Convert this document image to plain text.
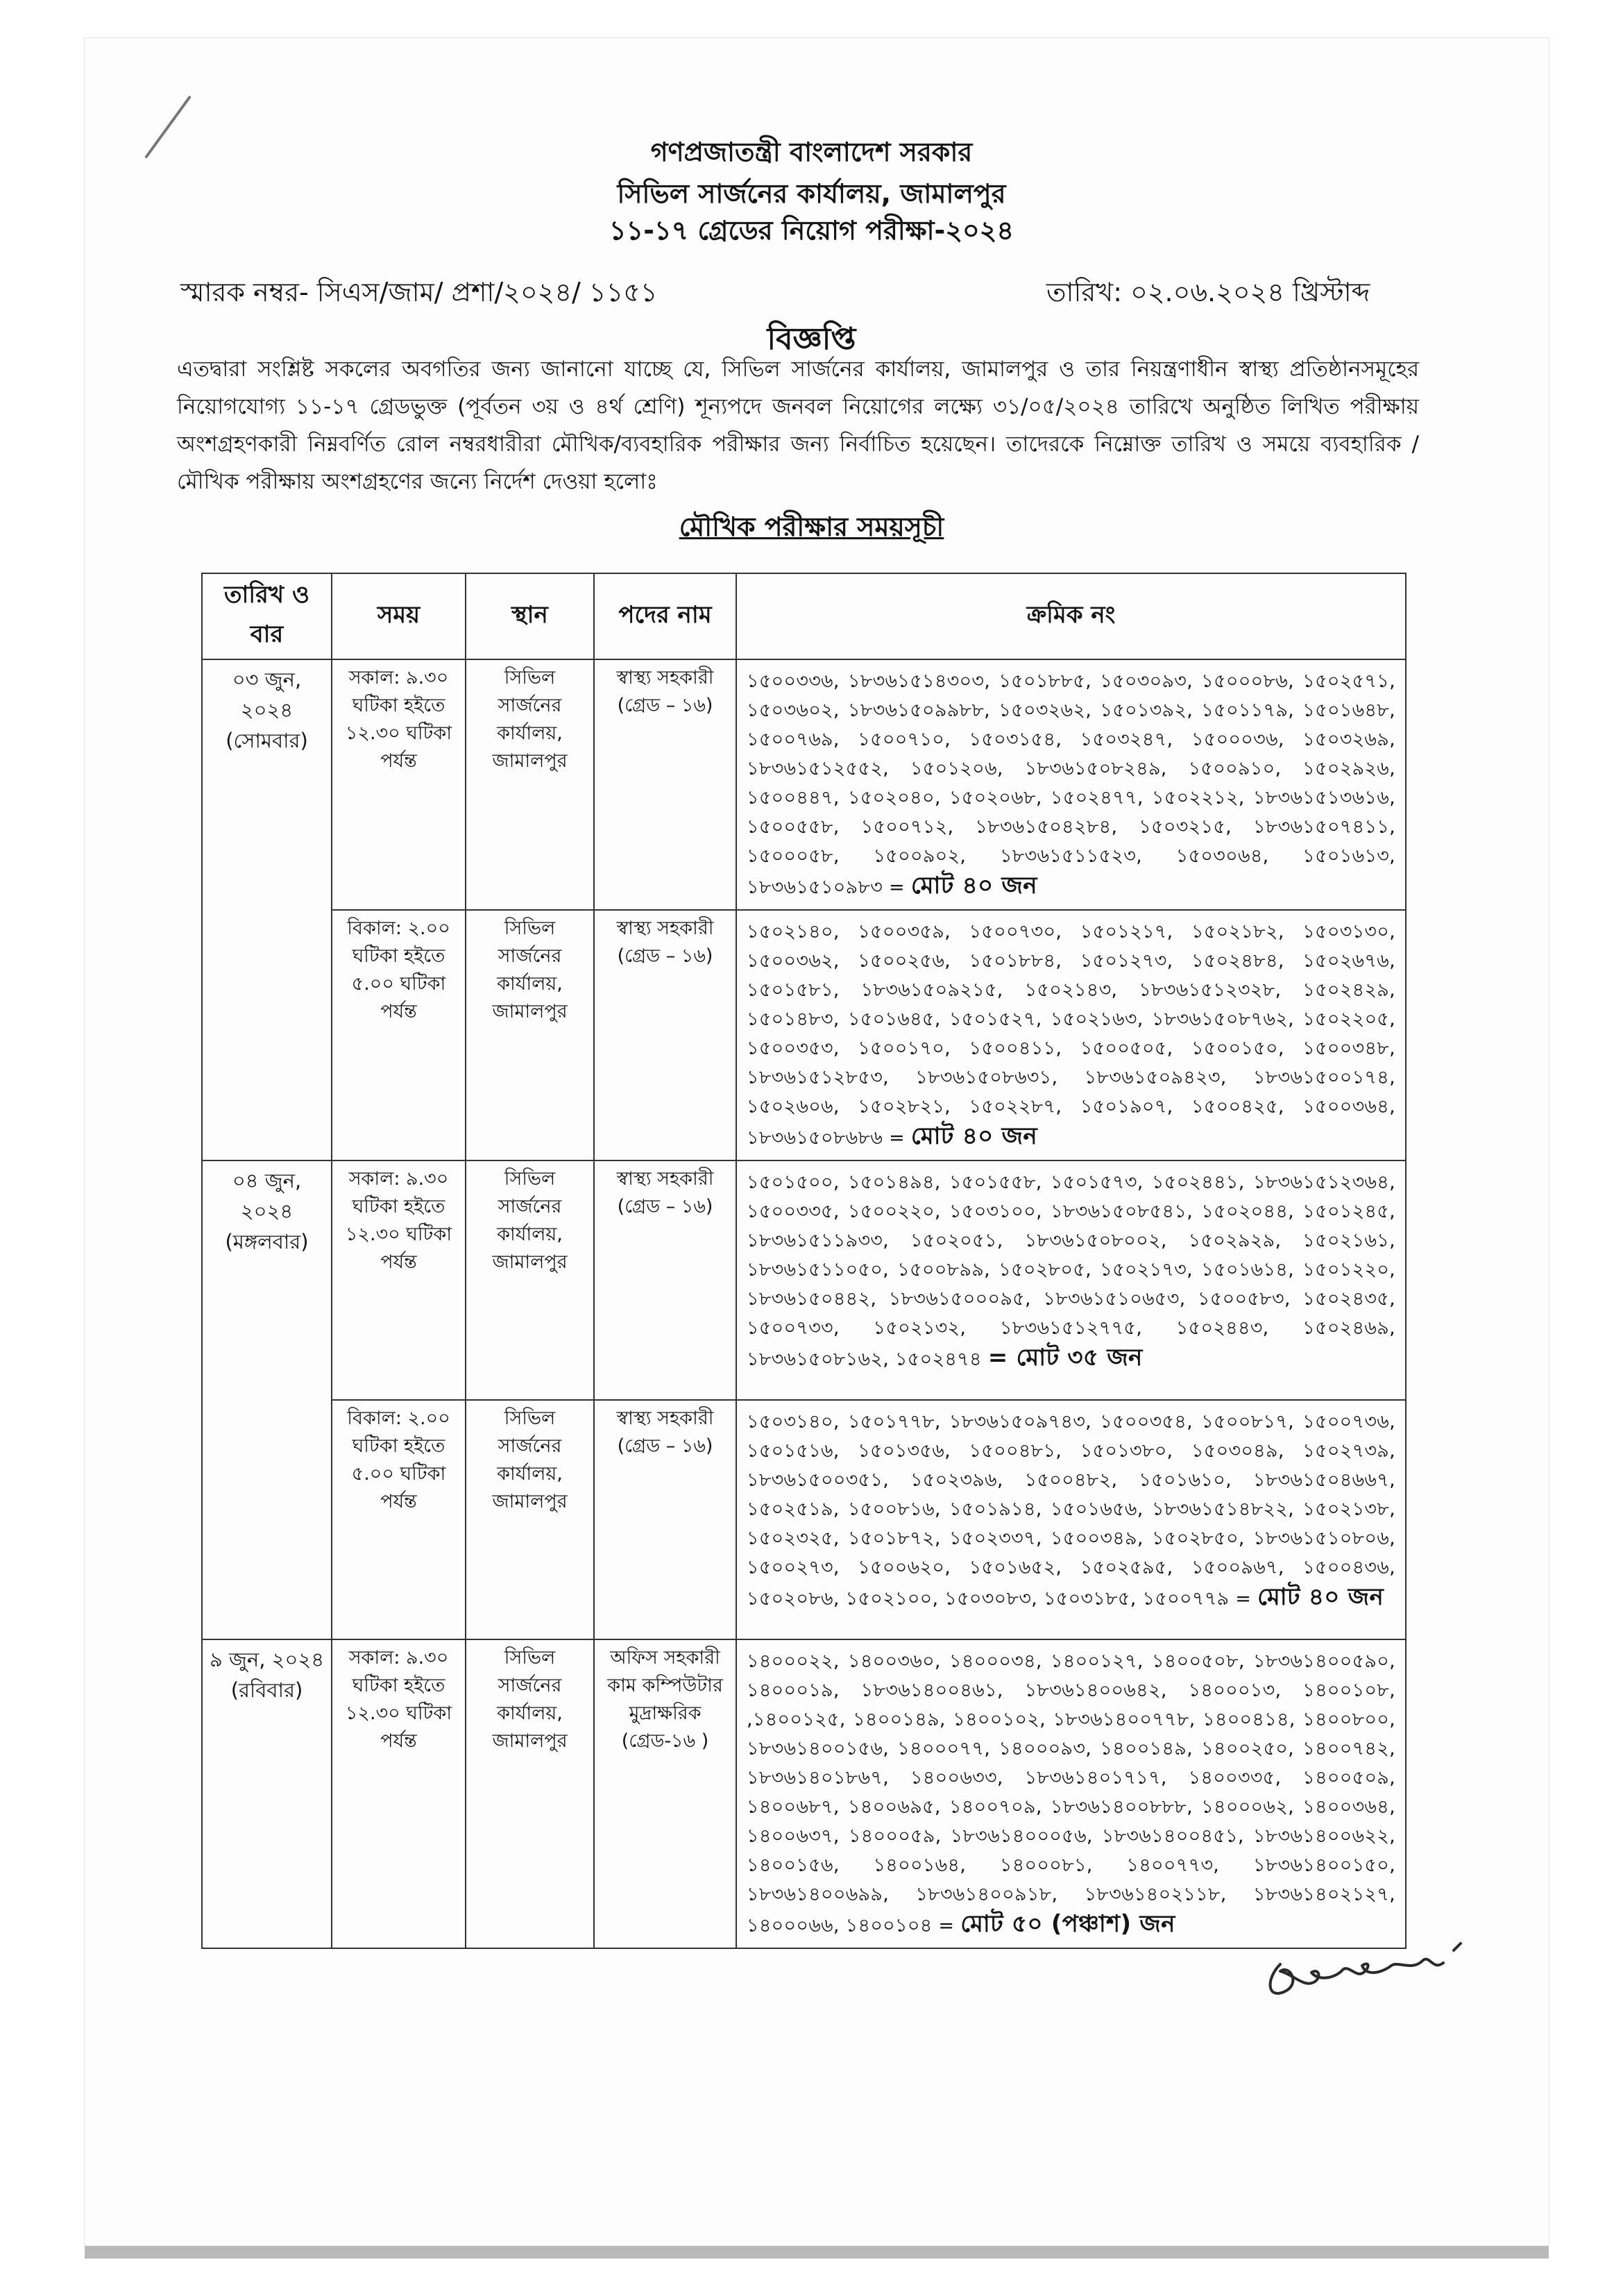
গণপ্রজাতন্ত্রী বাংলাদেশ সরকার
সিভিল সার্জনের কার্যালয়, জামালপুর
১১-১৭ গ্রেডের নিয়োগ পরীক্ষা-২০২৪
স্মারক নম্বর- সিএস/জাম/ প্রশা/২০২৪/ ১১৫১	তারিখ: ০২.০৬.২০২৪ খ্রিস্টাব্দ
বিজ্ঞপ্তি
এতদ্বারা সংশ্লিষ্ট সকলের অবগতির জন্য জানানো যাচ্ছে যে, সিভিল সার্জনের কার্যালয়, জামালপুর ও তার নিয়ন্ত্রণাধীন স্বাস্থ্য প্রতিষ্ঠানসমূহের নিয়োগযোগ্য ১১-১৭ গ্রেডভুক্ত (পূর্বতন ৩য় ও ৪র্থ শ্রেণি) শূন্যপদে জনবল নিয়োগের লক্ষ্যে ৩১/০৫/২০২৪ তারিখে অনুষ্ঠিত লিখিত পরীক্ষায় অংশগ্রহণকারী নিম্নবর্ণিত রোল নম্বরধারীরা মৌখিক/ব্যবহারিক পরীক্ষার জন্য নির্বাচিত হয়েছেন। তাদেরকে নিম্নোক্ত তারিখ ও সময়ে ব্যবহারিক / মৌখিক পরীক্ষায় অংশগ্রহণের জন্যে নির্দেশ দেওয়া হলোঃ
মৌখিক পরীক্ষার সময়সূচী
তারিখ ও বার	সময়	স্থান	পদের নাম	ক্রমিক নং

০৩ জুন, ২০২৪
(সোমবার)	সকাল: ৯.৩০ ঘটিকা হইতে ১২.৩০ ঘটিকা পর্যন্ত	সিভিল সার্জনের কার্যালয়, জামালপুর	স্বাস্থ্য সহকারী (গ্রেড – ১৬)	১৫০০৩৩৬, ১৮৩৬১৫১৪৩০৩, ১৫০১৮৮৫, ১৫০৩০৯৩, ১৫০০০৮৬, ১৫০২৫৭১, ১৫০৩৬০২, ১৮৩৬১৫০৯৯৮৮, ১৫০৩২৬২, ১৫০১৩৯২, ১৫০১১৭৯, ১৫০১৬৪৮, ১৫০০৭৬৯, ১৫০০৭১০, ১৫০৩১৫৪, ১৫০৩২৪৭, ১৫০০০৩৬, ১৫০৩২৬৯, ১৮৩৬১৫১২৫৫২, ১৫০১২০৬, ১৮৩৬১৫০৮২৪৯, ১৫০০৯১০, ১৫০২৯২৬, ১৫০০৪৪৭, ১৫০২০৪০, ১৫০২০৬৮, ১৫০২৪৭৭, ১৫০২২১২, ১৮৩৬১৫১৩৬১৬, ১৫০০৫৫৮, ১৫০০৭১২, ১৮৩৬১৫০৪২৮৪, ১৫০৩২১৫, ১৮৩৬১৫০৭৪১১, ১৫০০০৫৮, ১৫০০৯০২, ১৮৩৬১৫১১৫২৩, ১৫০৩০৬৪, ১৫০১৬১৩, ১৮৩৬১৫১০৯৮৩ = মোট ৪০ জন
	বিকাল: ২.০০ ঘটিকা হইতে ৫.০০ ঘটিকা পর্যন্ত	সিভিল সার্জনের কার্যালয়, জামালপুর	স্বাস্থ্য সহকারী (গ্রেড – ১৬)	১৫০২১৪০, ১৫০০৩৫৯, ১৫০০৭৩০, ১৫০১২১৭, ১৫০২১৮২, ১৫০৩১৩০, ১৫০০৩৬২, ১৫০০২৫৬, ১৫০১৮৮৪, ১৫০১২৭৩, ১৫০২৪৮৪, ১৫০২৬৭৬, ১৫০১৫৮১, ১৮৩৬১৫০৯২১৫, ১৫০২১৪৩, ১৮৩৬১৫১২৩২৮, ১৫০২৪২৯, ১৫০১৪৮৩, ১৫০১৬৪৫, ১৫০১৫২৭, ১৫০২১৬৩, ১৮৩৬১৫০৮৭৬২, ১৫০২২০৫, ১৫০০৩৫৩, ১৫০০১৭০, ১৫০০৪১১, ১৫০০৫০৫, ১৫০০১৫০, ১৫০০৩৪৮, ১৮৩৬১৫১২৮৫৩, ১৮৩৬১৫০৮৬৩১, ১৮৩৬১৫০৯৪২৩, ১৮৩৬১৫০০১৭৪, ১৫০২৬০৬, ১৫০২৮২১, ১৫০২২৮৭, ১৫০১৯০৭, ১৫০০৪২৫, ১৫০০৩৬৪, ১৮৩৬১৫০৮৬৮৬ = মোট ৪০ জন

০৪ জুন, ২০২৪
(মঙ্গলবার)	সকাল: ৯.৩০ ঘটিকা হইতে ১২.৩০ ঘটিকা পর্যন্ত	সিভিল সার্জনের কার্যালয়, জামালপুর	স্বাস্থ্য সহকারী (গ্রেড – ১৬)	১৫০১৫০০, ১৫০১৪৯৪, ১৫০১৫৫৮, ১৫০১৫৭৩, ১৫০২৪৪১, ১৮৩৬১৫১২৩৬৪, ১৫০০৩৩৫, ১৫০০২২০, ১৫০৩১০০, ১৮৩৬১৫০৮৫৪১, ১৫০২০৪৪, ১৫০১২৪৫, ১৮৩৬১৫১১৯৩৩, ১৫০২০৫১, ১৮৩৬১৫০৮০০২, ১৫০২৯২৯, ১৫০২১৬১, ১৮৩৬১৫১১০৫০, ১৫০০৮৯৯, ১৫০২৮০৫, ১৫০২১৭৩, ১৫০১৬১৪, ১৫০১২২০, ১৮৩৬১৫০৪৪২, ১৮৩৬১৫০০০৯৫, ১৮৩৬১৫১০৬৫৩, ১৫০০৫৮৩, ১৫০২৪৩৫, ১৫০০৭৩৩, ১৫০২১৩২, ১৮৩৬১৫১২৭৭৫, ১৫০২৪৪৩, ১৫০২৪৬৯, ১৮৩৬১৫০৮১৬২, ১৫০২৪৭৪ = মোট ৩৫ জন
	বিকাল: ২.০০ ঘটিকা হইতে ৫.০০ ঘটিকা পর্যন্ত	সিভিল সার্জনের কার্যালয়, জামালপুর	স্বাস্থ্য সহকারী (গ্রেড – ১৬)	১৫০৩১৪০, ১৫০১৭৭৮, ১৮৩৬১৫০৯৭৪৩, ১৫০০৩৫৪, ১৫০০৮১৭, ১৫০০৭৩৬, ১৫০১৫১৬, ১৫০১৩৫৬, ১৫০০৪৮১, ১৫০১৩৮০, ১৫০৩০৪৯, ১৫০২৭৩৯, ১৮৩৬১৫০০৩৫১, ১৫০২৩৯৬, ১৫০০৪৮২, ১৫০১৬১০, ১৮৩৬১৫০৪৬৬৭, ১৫০২৫১৯, ১৫০০৮১৬, ১৫০১৯১৪, ১৫০১৬৫৬, ১৮৩৬১৫১৪৮২২, ১৫০২১৩৮, ১৫০২৩২৫, ১৫০১৮৭২, ১৫০২৩৩৭, ১৫০০৩৪৯, ১৫০২৮৫০, ১৮৩৬১৫১০৮০৬, ১৫০০২৭৩, ১৫০০৬২০, ১৫০১৬৫২, ১৫০২৫৯৫, ১৫০০৯৬৭, ১৫০০৪৩৬, ১৫০২০৮৬, ১৫০২১০০, ১৫০৩০৮৩, ১৫০৩১৮৫, ১৫০০৭৭৯ = মোট ৪০ জন

৯ জুন, ২০২৪
(রবিবার)	সকাল: ৯.৩০ ঘটিকা হইতে ১২.৩০ ঘটিকা পর্যন্ত	সিভিল সার্জনের কার্যালয়, জামালপুর	অফিস সহকারী কাম কম্পিউটার মুদ্রাক্ষরিক (গ্রেড-১৬ )	১৪০০০২২, ১৪০০৩৬০, ১৪০০০৩৪, ১৪০০১২৭, ১৪০০৫০৮, ১৮৩৬১৪০০৫৯০, ১৪০০০১৯, ১৮৩৬১৪০০৪৬১, ১৮৩৬১৪০০৬৪২, ১৪০০০১৩, ১৪০০১০৮, ,১৪০০১২৫, ১৪০০১৪৯, ১৪০০১০২, ১৮৩৬১৪০০৭৭৮, ১৪০০৪১৪, ১৪০০৮০০, ১৮৩৬১৪০০১৫৬, ১৪০০০৭৭, ১৪০০০৯৩, ১৪০০১৪৯, ১৪০০২৫০, ১৪০০৭৪২, ১৮৩৬১৪০১৮৬৭, ১৪০০৬৩৩, ১৮৩৬১৪০১৭১৭, ১৪০০৩৩৫, ১৪০০৫০৯, ১৪০০৬৮৭, ১৪০০৬৯৫, ১৪০০৭০৯, ১৮৩৬১৪০০৮৮৮, ১৪০০০৬২, ১৪০০৩৬৪, ১৪০০৬৩৭, ১৪০০০৫৯, ১৮৩৬১৪০০০৫৬, ১৮৩৬১৪০০৪৫১, ১৮৩৬১৪০০৬২২, ১৪০০১৫৬, ১৪০০১৬৪, ১৪০০০৮১, ১৪০০৭৭৩, ১৮৩৬১৪০০১৫০, ১৮৩৬১৪০০৬৯৯, ১৮৩৬১৪০০৯১৮, ১৮৩৬১৪০২১১৮, ১৮৩৬১৪০২১২৭, ১৪০০০৬৬, ১৪০০১০৪ = মোট ৫০ (পঞ্চাশ) জন
